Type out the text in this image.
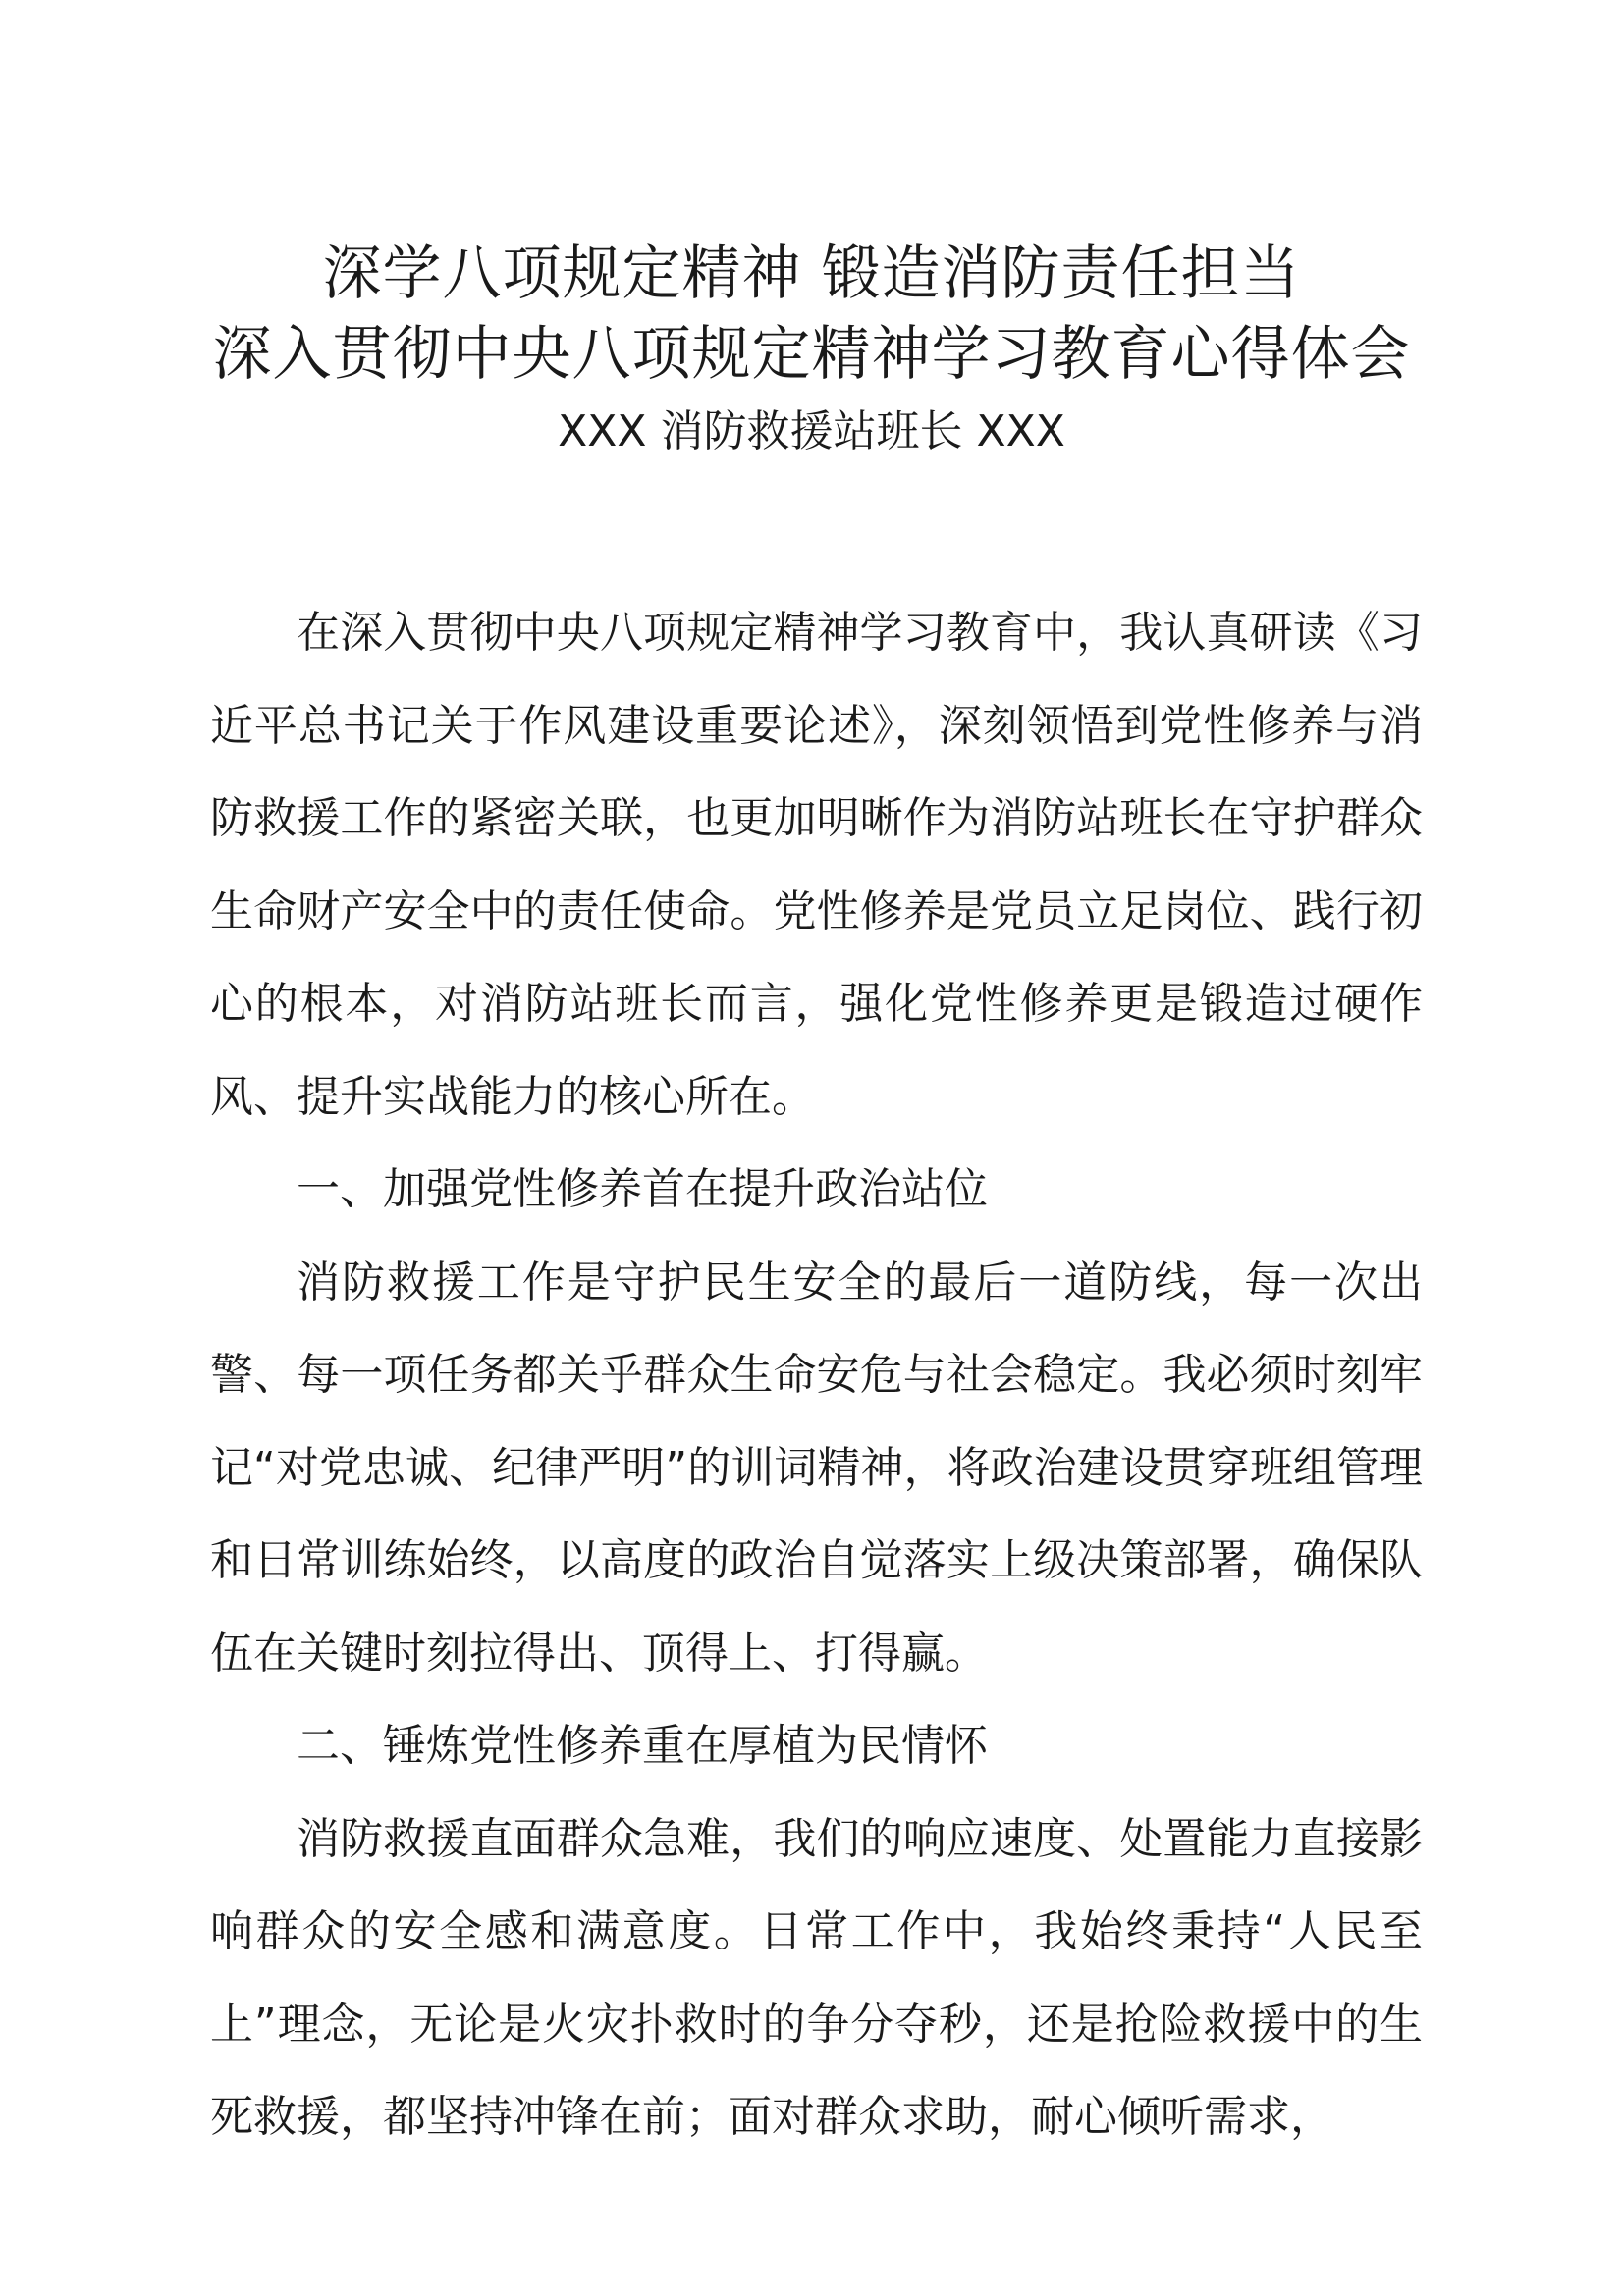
深学八项规定精神 锻造消防责任担当
深入贯彻中央八项规定精神学习教育心得体会
XXX 消防救援站班长 XXX

在深入贯彻中央八项规定精神学习教育中，我认真研读《习近平总书记关于作风建设重要论述》，深刻领悟到党性修养与消防救援工作的紧密关联，也更加明晰作为消防站班长在守护群众生命财产安全中的责任使命。党性修养是党员立足岗位、践行初心的根本，对消防站班长而言，强化党性修养更是锻造过硬作风、提升实战能力的核心所在。

一、加强党性修养首在提升政治站位

消防救援工作是守护民生安全的最后一道防线，每一次出警、每一项任务都关乎群众生命安危与社会稳定。我必须时刻牢记“对党忠诚、纪律严明”的训词精神，将政治建设贯穿班组管理和日常训练始终，以高度的政治自觉落实上级决策部署，确保队伍在关键时刻拉得出、顶得上、打得赢。

二、锤炼党性修养重在厚植为民情怀

消防救援直面群众急难，我们的响应速度、处置能力直接影响群众的安全感和满意度。日常工作中，我始终秉持“人民至上”理念，无论是火灾扑救时的争分夺秒，还是抢险救援中的生死救援，都坚持冲锋在前；面对群众求助，耐心倾听需求，
